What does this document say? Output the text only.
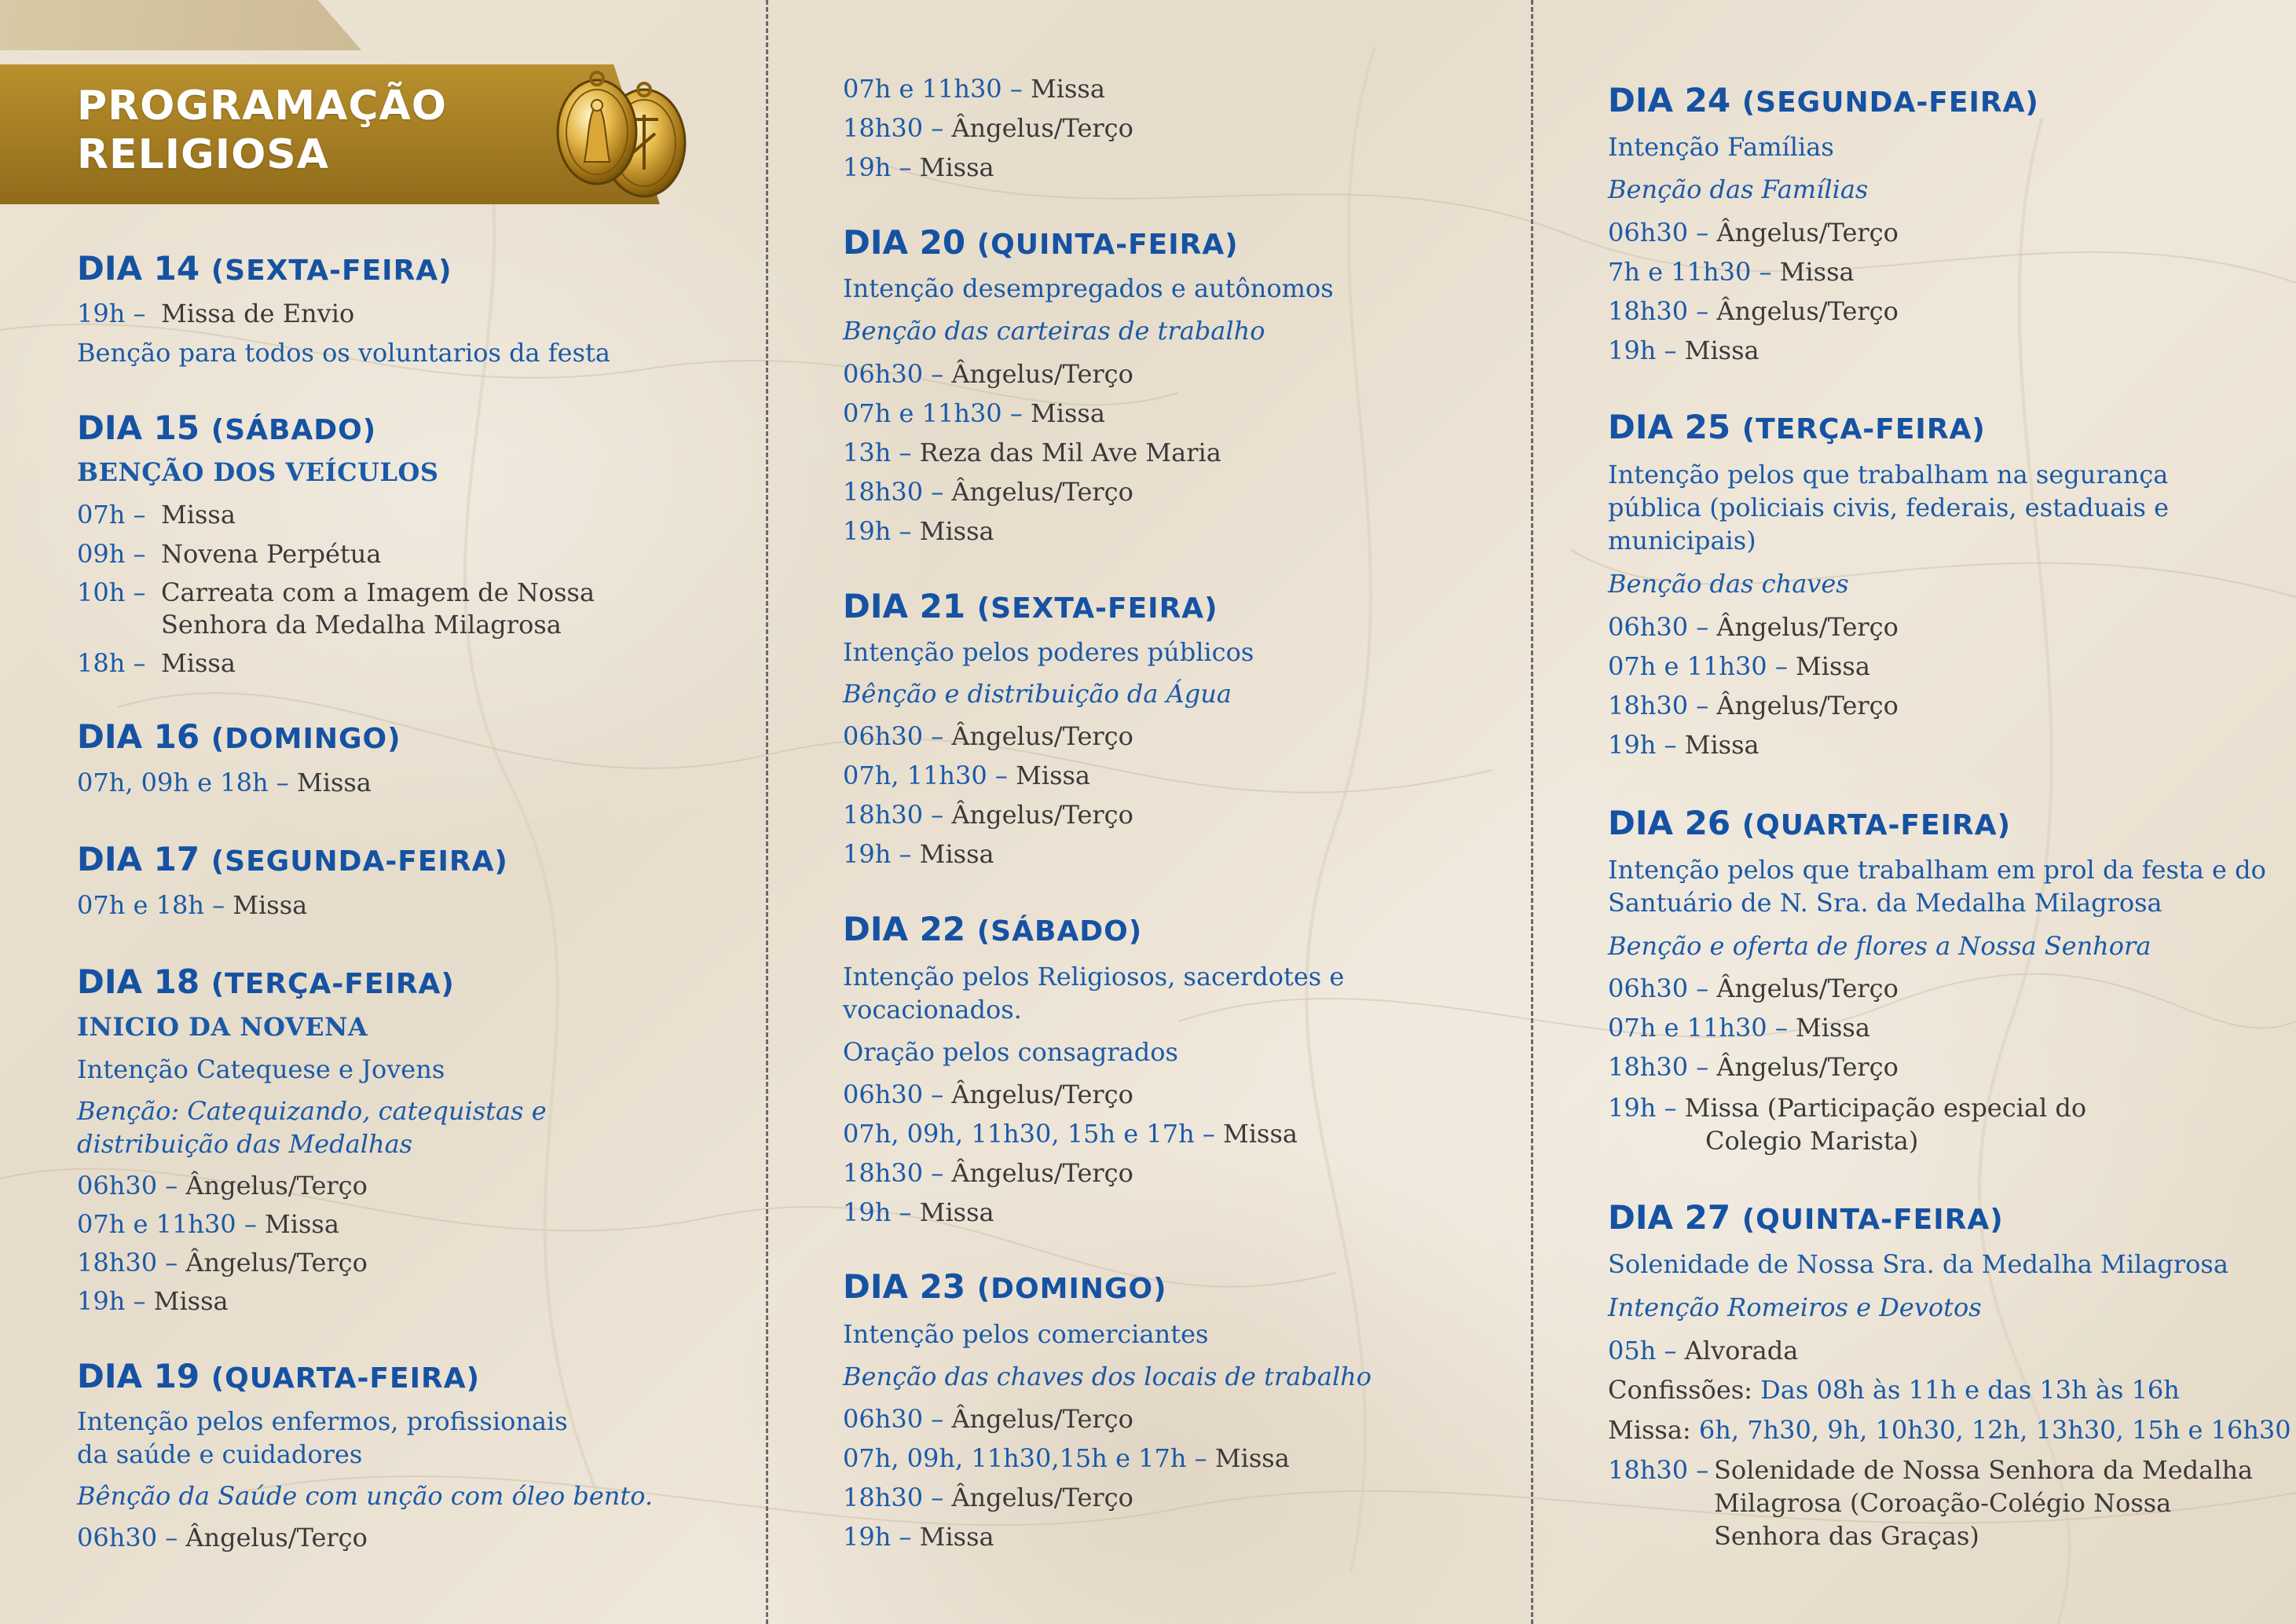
PROGRAMAÇÃO
RELIGIOSA
DIA 14 (SEXTA-FEIRA)
19h – Missa de Envio
Benção para todos os voluntarios da festa
DIA 15 (SÁBADO)
BENÇÃO DOS VEÍCULOS
07h – Missa
09h – Novena Perpétua
10h – Carreata com a Imagem de Nossa
Senhora da Medalha Milagrosa
18h – Missa
DIA 16 (DOMINGO)
07h, 09h e 18h – Missa
DIA 17 (SEGUNDA-FEIRA)
07h e 18h – Missa
DIA 18 (TERÇA-FEIRA)
INICIO DA NOVENA
Intenção Catequese e Jovens
Benção: Catequizando, catequistas e
distribuição das Medalhas
06h30 – Ângelus/Terço
07h e 11h30 – Missa
18h30 – Ângelus/Terço
19h – Missa
DIA 19 (QUARTA-FEIRA)
Intenção pelos enfermos, profissionais
da saúde e cuidadores
Bênção da Saúde com unção com óleo bento.
06h30 – Ângelus/Terço
07h e 11h30 – Missa
18h30 – Ângelus/Terço
19h – Missa
DIA 20 (QUINTA-FEIRA)
Intenção desempregados e autônomos
Benção das carteiras de trabalho
06h30 – Ângelus/Terço
07h e 11h30 – Missa
13h – Reza das Mil Ave Maria
18h30 – Ângelus/Terço
19h – Missa
DIA 21 (SEXTA-FEIRA)
Intenção pelos poderes públicos
Bênção e distribuição da Água
06h30 – Ângelus/Terço
07h, 11h30 – Missa
18h30 – Ângelus/Terço
19h – Missa
DIA 22 (SÁBADO)
Intenção pelos Religiosos, sacerdotes e
vocacionados.
Oração pelos consagrados
06h30 – Ângelus/Terço
07h, 09h, 11h30, 15h e 17h – Missa
18h30 – Ângelus/Terço
19h – Missa
DIA 23 (DOMINGO)
Intenção pelos comerciantes
Benção das chaves dos locais de trabalho
06h30 – Ângelus/Terço
07h, 09h, 11h30,15h e 17h – Missa
18h30 – Ângelus/Terço
19h – Missa
DIA 24 (SEGUNDA-FEIRA)
Intenção Famílias
Benção das Famílias
06h30 – Ângelus/Terço
7h e 11h30 – Missa
18h30 – Ângelus/Terço
19h – Missa
DIA 25 (TERÇA-FEIRA)
Intenção pelos que trabalham na segurança
pública (policiais civis, federais, estaduais e
municipais)
Benção das chaves
06h30 – Ângelus/Terço
07h e 11h30 – Missa
18h30 – Ângelus/Terço
19h – Missa
DIA 26 (QUARTA-FEIRA)
Intenção pelos que trabalham em prol da festa e do
Santuário de N. Sra. da Medalha Milagrosa
Benção e oferta de flores a Nossa Senhora
06h30 – Ângelus/Terço
07h e 11h30 – Missa
18h30 – Ângelus/Terço
19h – Missa (Participação especial do
Colegio Marista)
DIA 27 (QUINTA-FEIRA)
Solenidade de Nossa Sra. da Medalha Milagrosa
Intenção Romeiros e Devotos
05h – Alvorada
Confissões: Das 08h às 11h e das 13h às 16h
Missa: 6h, 7h30, 9h, 10h30, 12h, 13h30, 15h e 16h30
18h30 – Solenidade de Nossa Senhora da Medalha
Milagrosa (Coroação-Colégio Nossa
Senhora das Graças)
